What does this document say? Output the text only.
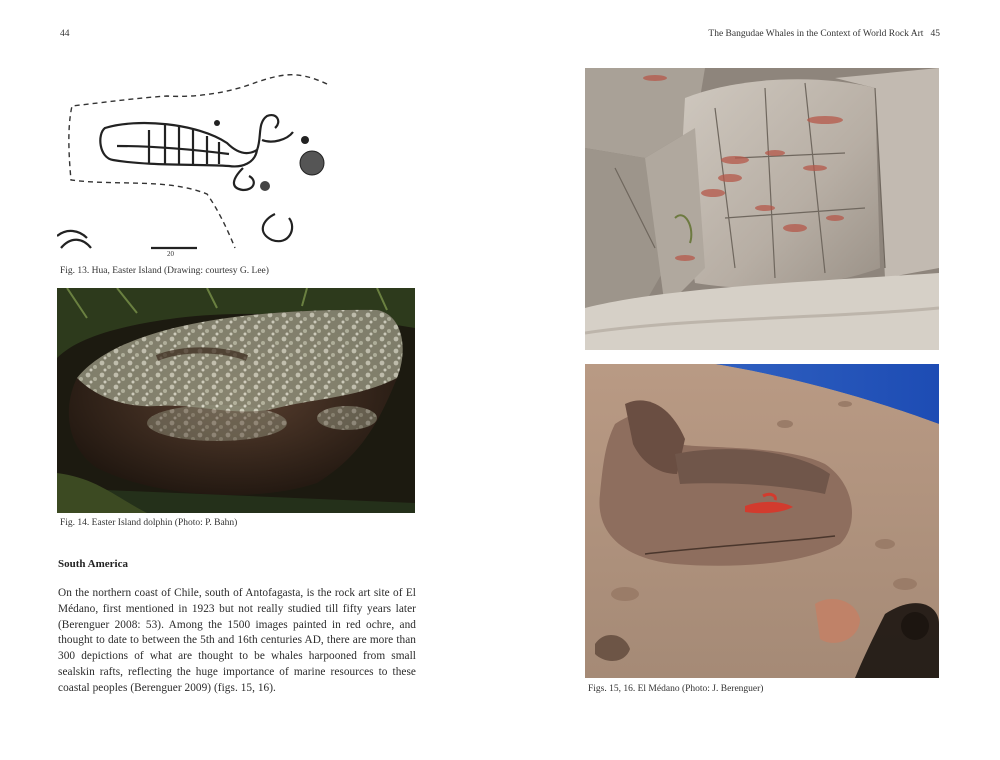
44	The Bangudae Whales in the Context of World Rock Art 45
20
Fig. 13. Hua, Easter Island (Drawing: courtesy G. Lee)
Fig. 14. Easter Island dolphin (Photo: P. Bahn)
South America
On the northern coast of Chile, south of Antofagasta, is the rock art site of El Médano, first mentioned in 1923 but not really studied till fifty years later (Berenguer 2008: 53). Among the 1500 images painted in red ochre, and thought to date to between the 5th and 16th centuries AD, there are more than 300 depictions of what are thought to be whales harpooned from small sealskin rafts, reflecting the huge importance of marine resources to these coastal peoples (Berenguer 2009) (figs. 15, 16).	Figs. 15, 16. El Médano (Photo: J. Berenguer)
